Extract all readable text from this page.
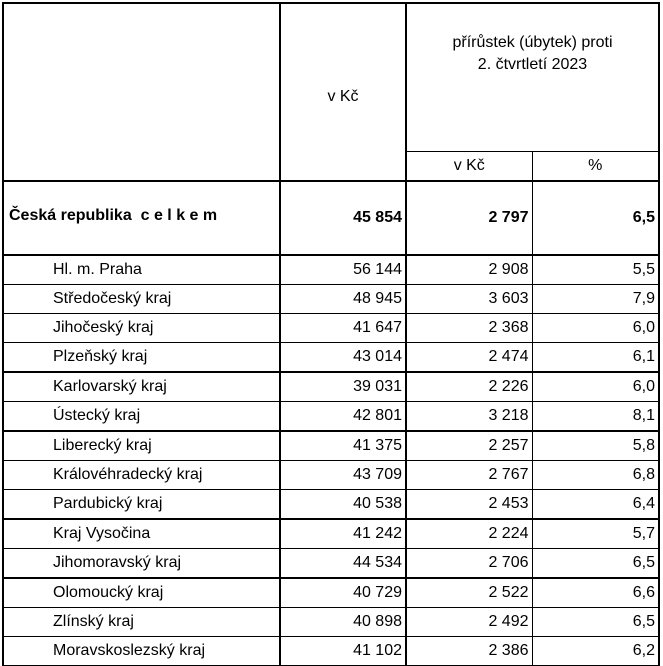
	v Kč	přírůstek (úbytek) proti
2. čtvrtletí 2023	
		v Kč	%
Česká republika  c e l k e m	45 854	2 797	6,5
Hl. m. Praha	56 144	2 908	5,5
Středočeský kraj	48 945	3 603	7,9
Jihočeský kraj	41 647	2 368	6,0
Plzeňský kraj	43 014	2 474	6,1
Karlovarský kraj	39 031	2 226	6,0
Ústecký kraj	42 801	3 218	8,1
Liberecký kraj	41 375	2 257	5,8
Královéhradecký kraj	43 709	2 767	6,8
Pardubický kraj	40 538	2 453	6,4
Kraj Vysočina	41 242	2 224	5,7
Jihomoravský kraj	44 534	2 706	6,5
Olomoucký kraj	40 729	2 522	6,6
Zlínský kraj	40 898	2 492	6,5
Moravskoslezský kraj	41 102	2 386	6,2
